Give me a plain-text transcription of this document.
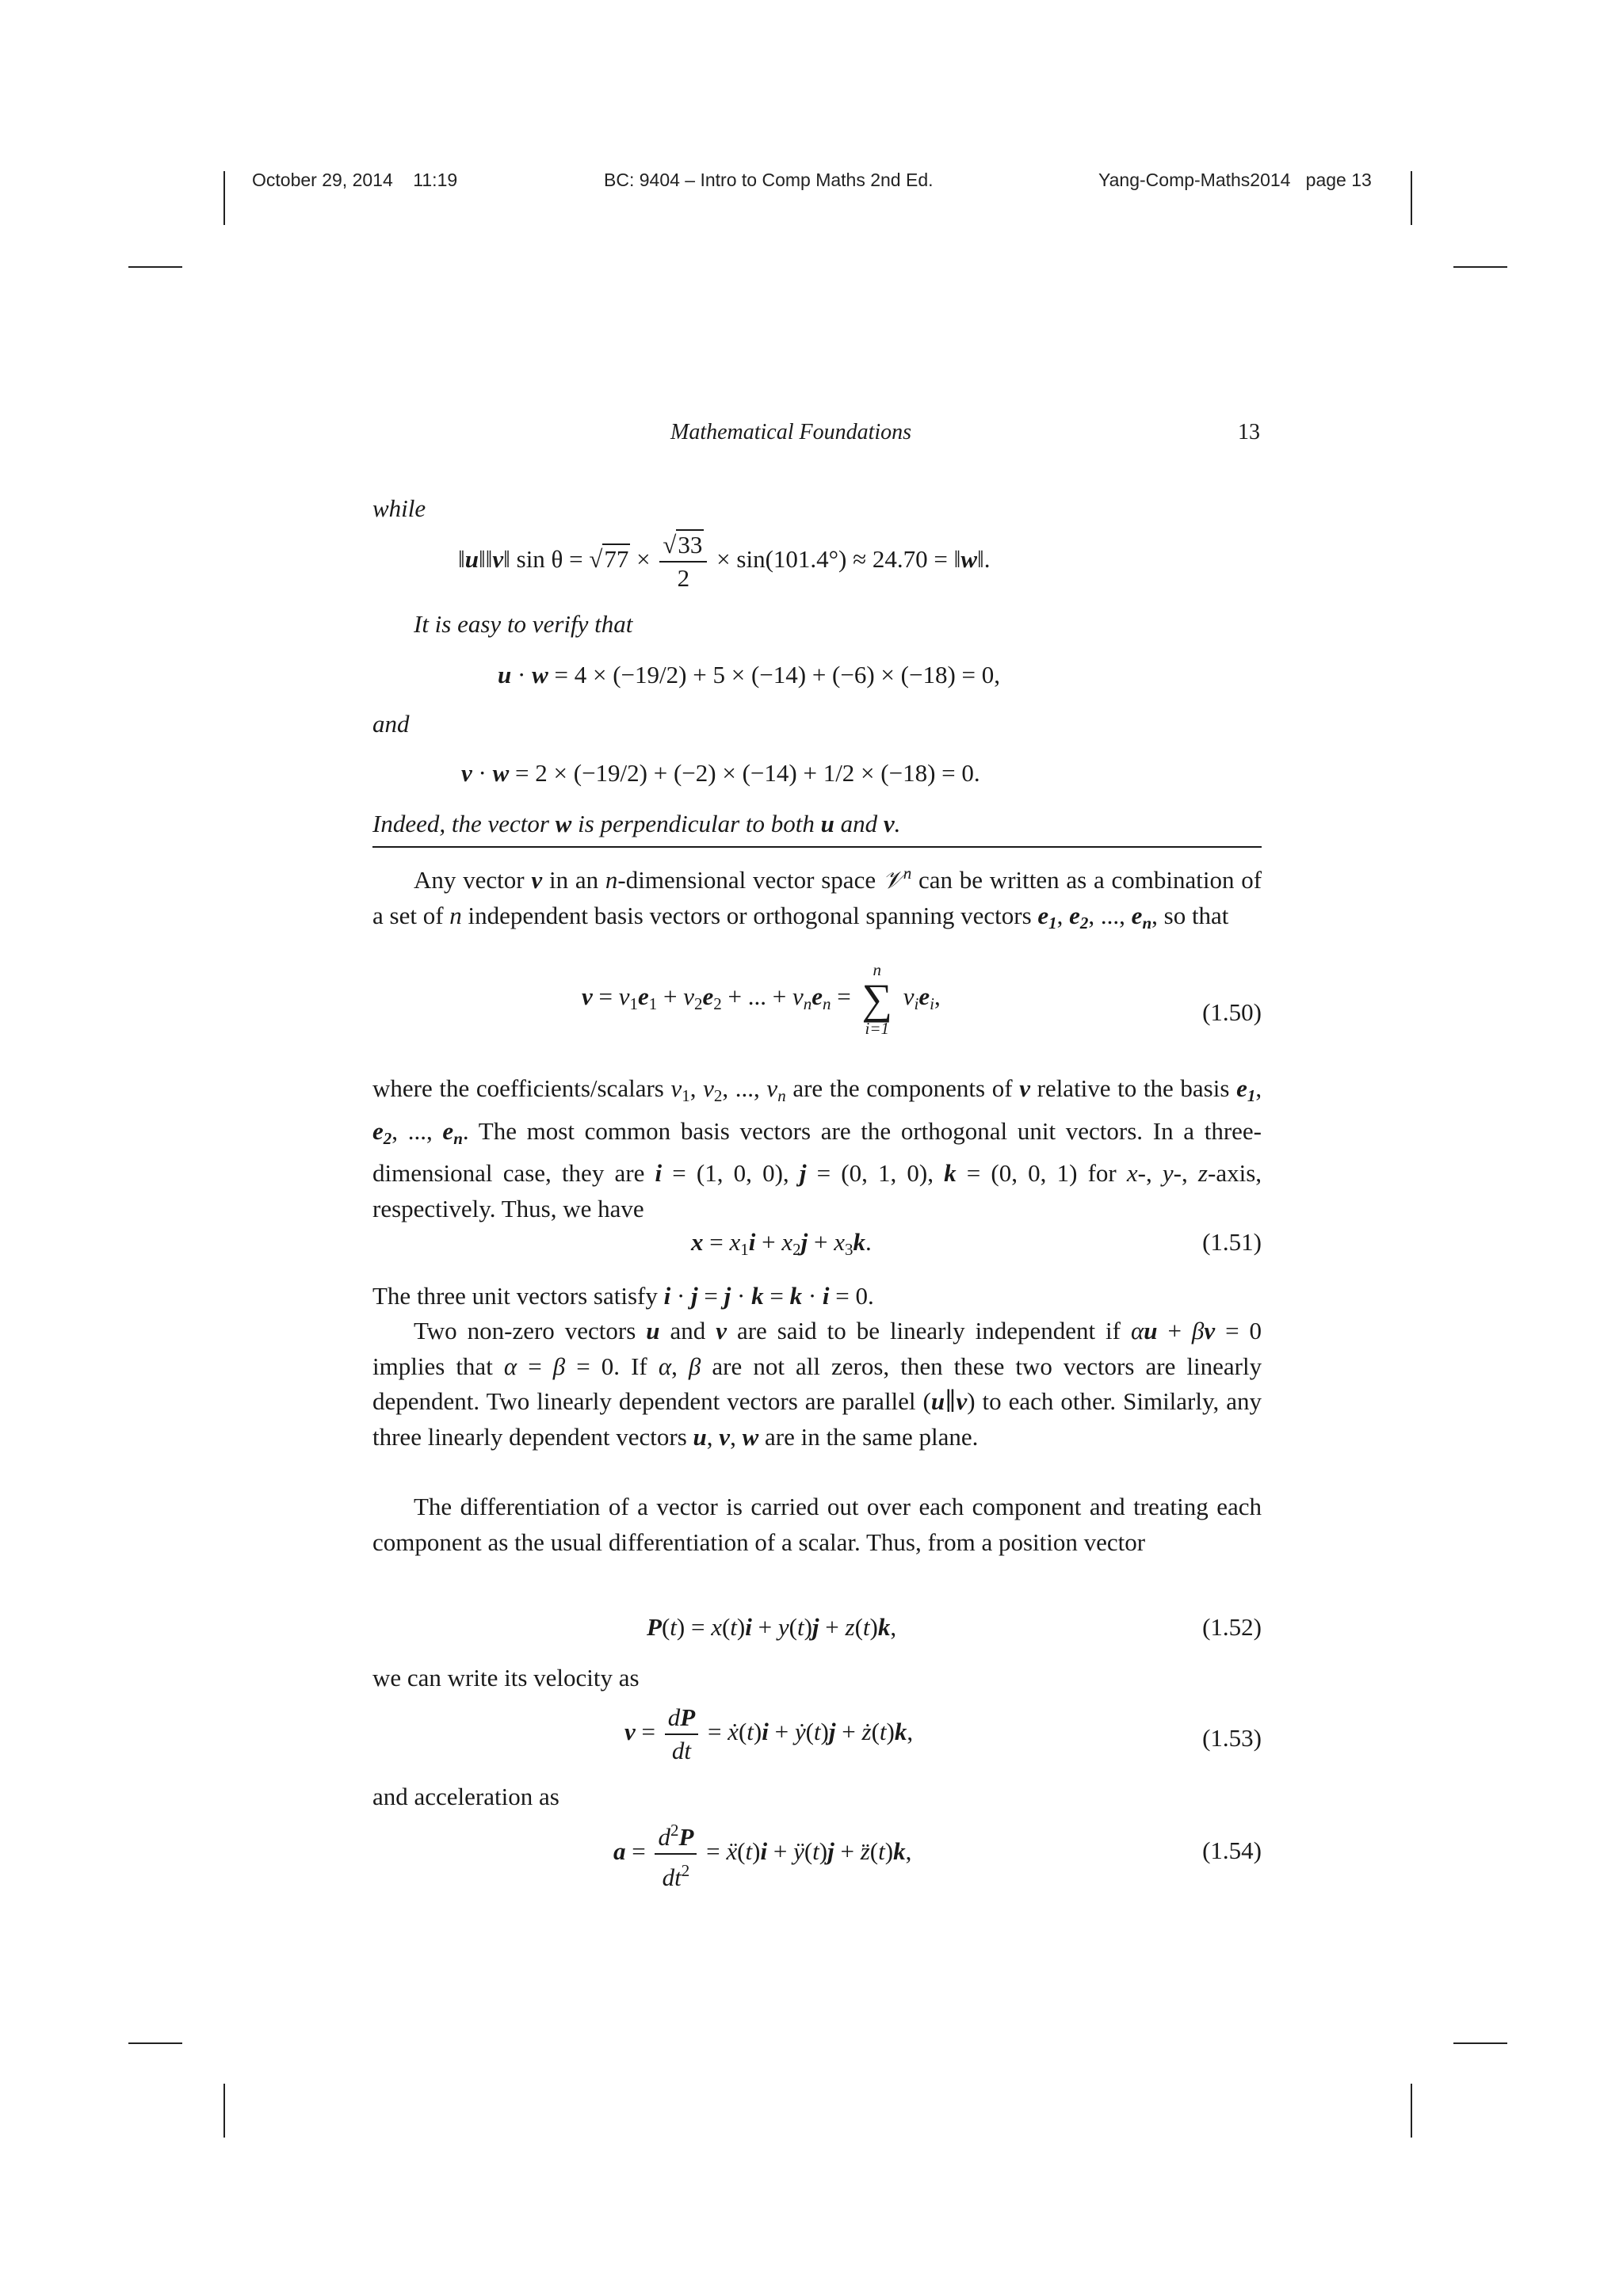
October 29, 2014 11:19	BC: 9404 – Intro to Comp Maths 2nd Ed.	Yang-Comp-Maths2014 page 13
Mathematical Foundations	13
while
‖u‖‖v‖ $\sin \theta = √77 \times \frac{√33}{2} \times \sin(101.4^\circ) \approx 24.70$ = ‖w‖.
It is easy to verify that
u · w = 4 × (−19/2) + 5 × (−14) + (−6) × (−18) = 0,
and
v · w = 2 × (−19/2) + (−2) × (−14) + 1/2 × (−18) = 0.
Indeed, the vector w is perpendicular to both u and v.

Any vector v in an n-dimensional vector space 𝒱$^n$ can be written as a combination of a set of n independent basis vectors or orthogonal spanning vectors $e_1$, $e_2$, ..., $e_n$, so that

$v = v_1e_1 + v_2e_2$ + ... + $v_ne_n$ =
n
∑
i=1
$v_ie_i$,
(1.50)

where the coefficients/scalars $v_1$, $v_2$, ..., $v_n$ are the components of v relative to the basis $e_1$, $e_2$, ..., $e_n$. The most common basis vectors are the orthogonal unit vectors. In a three-dimensional case, they are i = (1, 0, 0), j = (0, 1, 0), k = (0, 0, 1) for x-, y-, z-axis, respectively. Thus, we have

$x = x_1i + x_2j + x_3k$.	(1.51)

The three unit vectors satisfy i · j = j · k = k · i = 0.

Two non-zero vectors u and v are said to be linearly independent if αu + βv = 0 implies that α = β = 0. If α, β are not all zeros, then these two vectors are linearly dependent. Two linearly dependent vectors are parallel (u∥v) to each other. Similarly, any three linearly dependent vectors u, v, w are in the same plane.

The differentiation of a vector is carried out over each component and treating each component as the usual differentiation of a scalar. Thus, from a position vector

P(t) = x(t)i + y(t)j + z(t)k,	(1.52)
we can write its velocity as
$v = \frac{dP}{dt}$ = ẋ(t)i + ẏ(t)j + ż(t)k,	(1.53)
and acceleration as
$a = \frac{d^2P}{dt^2}$ = ẍ(t)i + ÿ(t)j + z̈(t)k,	(1.54)
